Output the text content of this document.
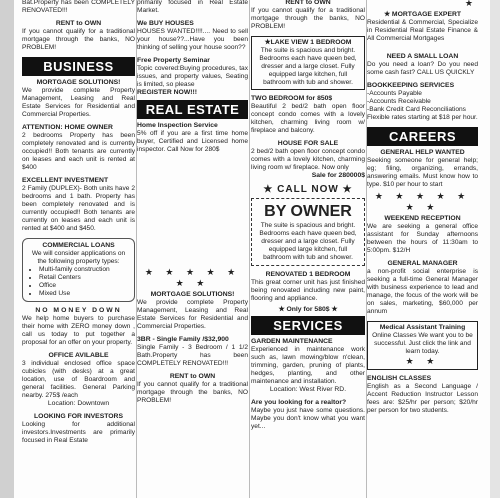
Bat.Property has been COMPLETELY RENOVATED!!!

RENT to OWN

If you cannot qualify for a traditional mortgage through the banks, NO PROBLEM!

BUSINESS

MORTGAGE SOLUTIONS!

We provide complete Property Management, Leasing and Real Estate Services for Residential and Commercial Properties.

ATTENTION: HOME OWNER

2 bedrooms Property has been completely renovated and is currently occupied!! Both tenants are currently on leases and each unit is rented at $400

EXCELLENT INVESTMENT

2 Family (DUPLEX)- Both units have 2 bedrooms and 1 bath. Property has been completely renovated and is currently occupied!! Both tenants are currently on leases and each unit is rented at $400 and $450.

COMMERCIAL LOANS

We will consider applications on the following property types:

• Multi-family construction
• Retail Centers
• Office
• Mixed Use

NO MONEY DOWN

We help home buyers to purchase their home with ZERO money down , call us today to put together a proposal for an offer on your property.

OFFICE AVILABLE

3 individual enclosed office space cubicles (with desks) at a great location, use of Boardroom and general facilities. General Parking nearby. 275$ /each

Location: Downtown

LOOKING FOR INVESTORS

Looking for additional investors.Investments are primarily focused in Real Estate

primarily focused in Real Estate Market.

We BUY HOUSES

HOUSES WANTED!!!!.... Need to sell your house??...Have you been thinking of selling your house soon??

Free Property Seminar

Topic covered:Buying procedures, tax issues, and property values, Seating is limited, so please

REGISTER NOW!!!

REAL ESTATE

Home Inspection Service

5% off if you are a first time home buyer, Certified and Licensed home inspector. Call Now for 280$

★ ★ ★ ★ ★ ★ ★

MORTGAGE SOLUTIONS!

We provide complete Property Management, Leasing and Real Estate Services for Residential and Commercial Properties.

3BR - Single Family /$32,900

Single Family - 3 Bedroom / 1 1/2 Bath.Property has been COMPLETELY RENOVATED!!!

RENT to OWN

If you cannot qualify for a traditional mortgage through the banks, NO PROBLEM!

RENT to OWN

If you cannot qualify for a traditional mortgage through the banks, NO PROBLEM!

★LAKE VIEW 1 BEDROOM

The suite is spacious and bright. Bedrooms each have queen bed, dresser and a large closet. Fully equipped large kitchen, full bathroom with tub and shower.

TWO BEDROOM for 850$

Beautiful 2 bed/2 bath open floor concept condo comes with a lovely kitchen, charming living room w/ fireplace and balcony.

HOUSE FOR SALE

2 bed/2 bath open floor concept condo comes with a lovely kitchen, charming living room w/ fireplace. Now only

Sale for 280000$

★ CALL NOW ★

BY OWNER

The suite is spacious and bright. Bedrooms each have queen bed, dresser and a large closet. Fully equipped large kitchen, full bathroom with tub and shower.

RENOVATED 1 BEDROOM

This great corner unit has just finished being renovated including new paint, flooring and appliance.

★ Only for 580$ ★

SERVICES

GARDEN MAINTENANCE

Experienced in maintenance work such as, lawn mowing/blow n'clean, trimming, garden, pruning of plants, hedges, planting, and other maintenance and installation.

Location: West River RD.

Are you looking for a realtor?

Maybe you just have some questions. Maybe you don't know what you want yet...

★

★ MORTGAGE EXPERT

Residential & Commercial, Specialize in Residential Real Estate Finance & All Commercial Mortgages

NEED A SMALL LOAN

Do you need a loan? Do you need some cash fast? CALL US QUICKLY

BOOKKEEPING SERVICES

-Accounts Payable

-Accounts Receivable

-Bank Credit Card Reconciliations

Flexible rates starting at $18 per hour.

CAREERS

GENERAL HELP WANTED

Seeking someone for general help; eg; filing, organizing, errands, answering emails. Must know how to type. $10 per hour to start

★ ★ ★ ★ ★ ★ ★

WEEKEND RECEPTION

We are seeking a general office assistant for Sunday afternoons between the hours of 11:30am to 5:00pm. $12/H

GENERAL MANAGER

a non-profit social enterprise is seeking a full-time General Manager with business experience to lead and manage, the focus of the work will be on sales, marketing, $60,000 per annum

Medical Assistant Training

Online Classes We want you to be successful. Just click the link and learn today.

★ ★

ENGLISH CLASSES

English as a Second Language / Accent Reduction Instructor Lesson fees are: $25/hr per person; $20/hr per person for two students.
